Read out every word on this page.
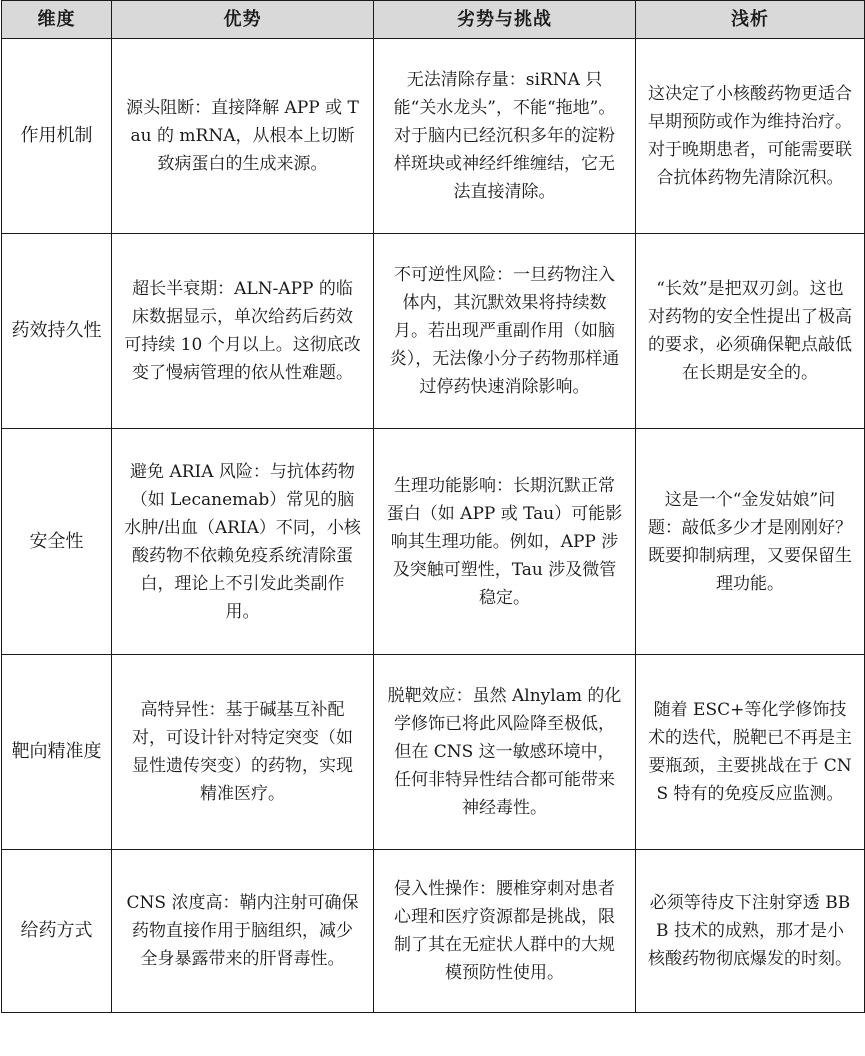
维度	优势	劣势与挑战	浅析
作用机制	源头阻断：直接降解 APP 或 Tau 的 mRNA，从根本上切断致病蛋白的生成来源。	无法清除存量：siRNA 只能“关水龙头”，不能“拖地”。对于脑内已经沉积多年的淀粉样斑块或神经纤维缠结，它无法直接清除。	这决定了小核酸药物更适合早期预防或作为维持治疗。对于晚期患者，可能需要联合抗体药物先清除沉积。
药效持久性	超长半衰期：ALN-APP 的临床数据显示，单次给药后药效可持续 10 个月以上。这彻底改变了慢病管理的依从性难题。	不可逆性风险：一旦药物注入体内，其沉默效果将持续数月。若出现严重副作用（如脑炎），无法像小分子药物那样通过停药快速消除影响。	“长效”是把双刃剑。这也对药物的安全性提出了极高的要求，必须确保靶点敲低在长期是安全的。
安全性	避免 ARIA 风险：与抗体药物（如 Lecanemab）常见的脑水肿/出血（ARIA）不同，小核酸药物不依赖免疫系统清除蛋白，理论上不引发此类副作用。	生理功能影响：长期沉默正常蛋白（如 APP 或 Tau）可能影响其生理功能。例如，APP 涉及突触可塑性，Tau 涉及微管稳定。	这是一个“金发姑娘”问题：敲低多少才是刚刚好？既要抑制病理，又要保留生理功能。
靶向精准度	高特异性：基于碱基互补配对，可设计针对特定突变（如显性遗传突变）的药物，实现精准医疗。	脱靶效应：虽然 Alnylam 的化学修饰已将此风险降至极低，但在 CNS 这一敏感环境中，任何非特异性结合都可能带来神经毒性。	随着 ESC+等化学修饰技术的迭代，脱靶已不再是主要瓶颈，主要挑战在于 CNS 特有的免疫反应监测。
给药方式	CNS 浓度高：鞘内注射可确保药物直接作用于脑组织，减少全身暴露带来的肝肾毒性。	侵入性操作：腰椎穿刺对患者心理和医疗资源都是挑战，限制了其在无症状人群中的大规模预防性使用。	必须等待皮下注射穿透 BBB 技术的成熟，那才是小核酸药物彻底爆发的时刻。
